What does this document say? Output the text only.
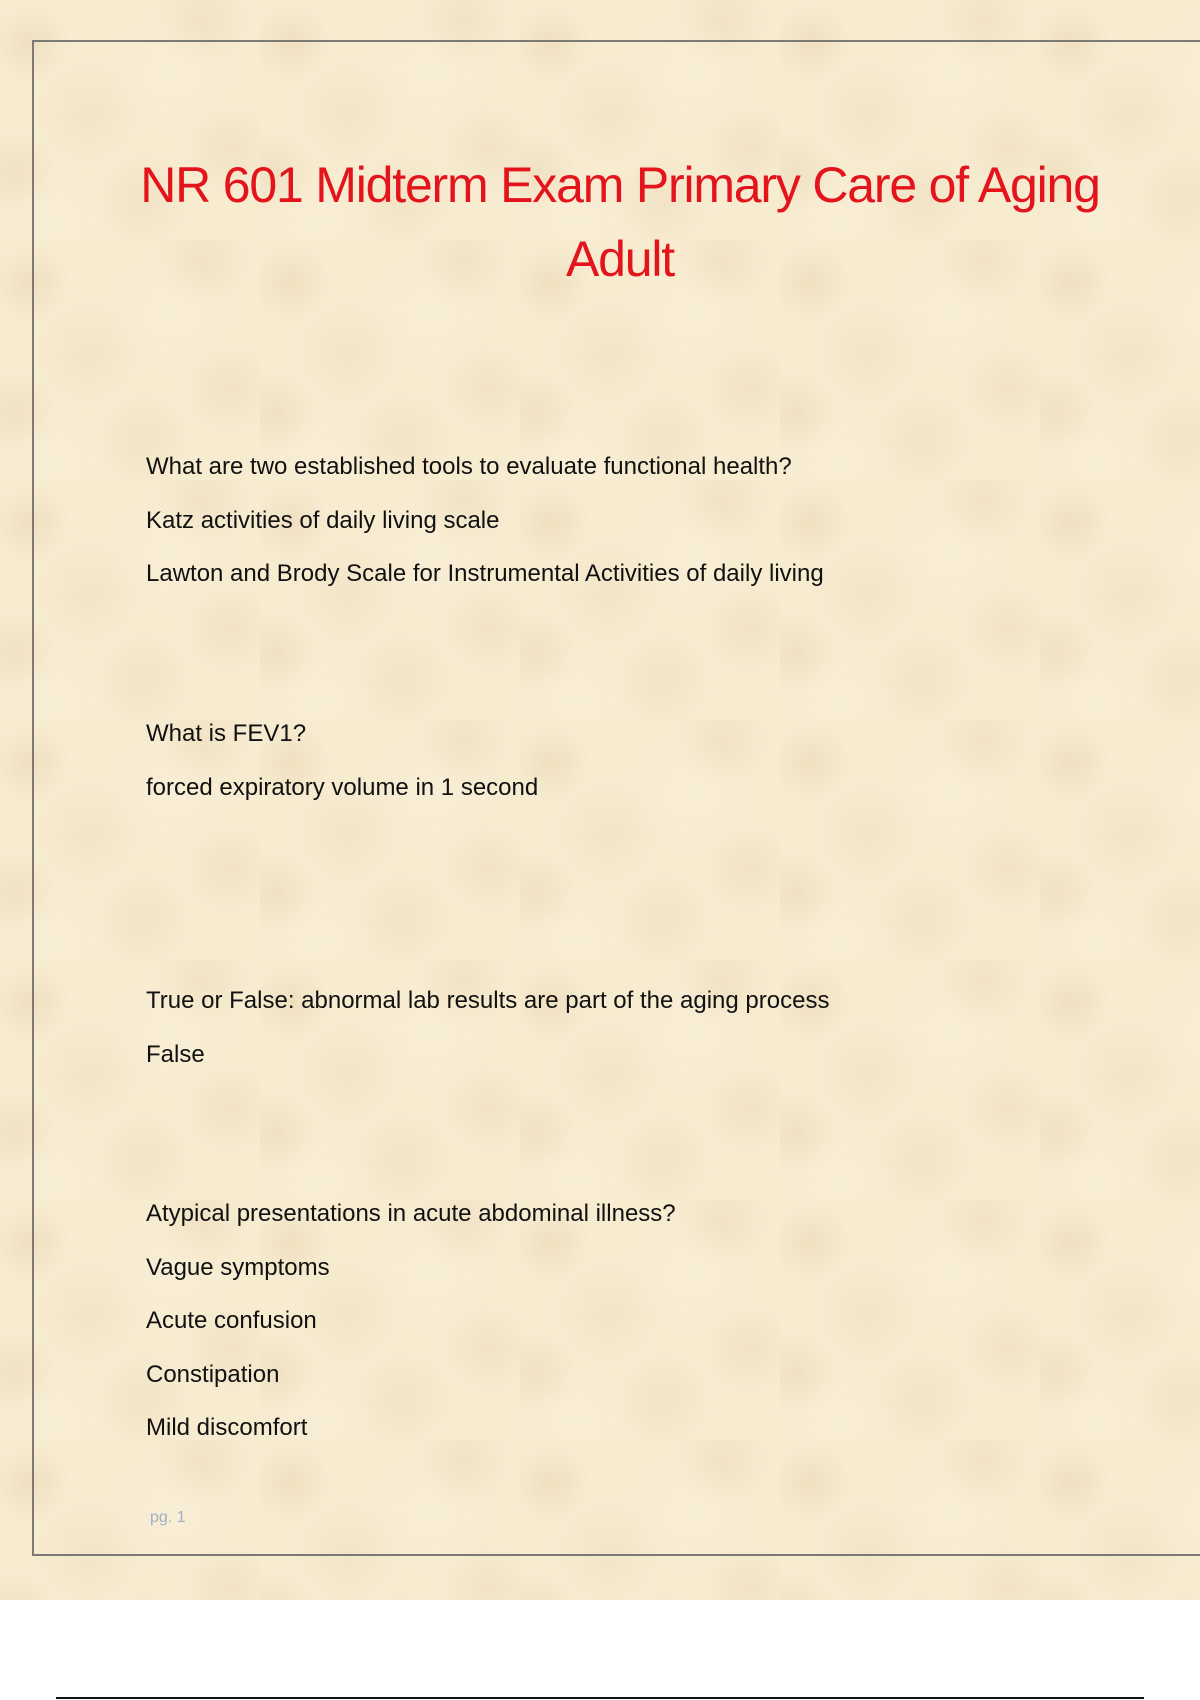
NR 601 Midterm Exam Primary Care of Aging Adult

What are two established tools to evaluate functional health?

Katz activities of daily living scale

Lawton and Brody Scale for Instrumental Activities of daily living

What is FEV1?

forced expiratory volume in 1 second

True or False: abnormal lab results are part of the aging process

False

Atypical presentations in acute abdominal illness?

Vague symptoms

Acute confusion

Constipation

Mild discomfort

pg. 1
